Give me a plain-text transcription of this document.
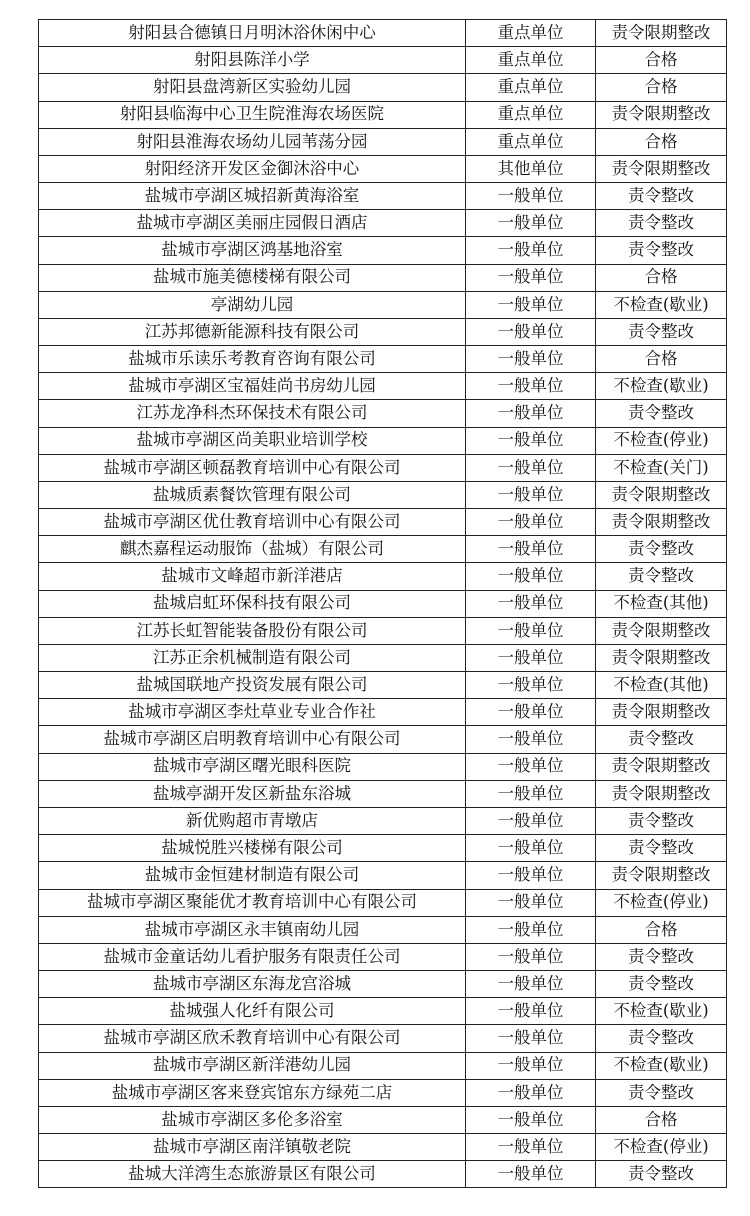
射阳县合德镇日月明沐浴休闲中心	重点单位	责令限期整改
射阳县陈洋小学	重点单位	合格
射阳县盘湾新区实验幼儿园	重点单位	合格
射阳县临海中心卫生院淮海农场医院	重点单位	责令限期整改
射阳县淮海农场幼儿园苇荡分园	重点单位	合格
射阳经济开发区金御沐浴中心	其他单位	责令限期整改
盐城市亭湖区城招新黄海浴室	一般单位	责令整改
盐城市亭湖区美丽庄园假日酒店	一般单位	责令整改
盐城市亭湖区鸿基地浴室	一般单位	责令整改
盐城市施美德楼梯有限公司	一般单位	合格
亭湖幼儿园	一般单位	不检查(歇业)
江苏邦德新能源科技有限公司	一般单位	责令整改
盐城市乐读乐考教育咨询有限公司	一般单位	合格
盐城市亭湖区宝福娃尚书房幼儿园	一般单位	不检查(歇业)
江苏龙净科杰环保技术有限公司	一般单位	责令整改
盐城市亭湖区尚美职业培训学校	一般单位	不检查(停业)
盐城市亭湖区顿磊教育培训中心有限公司	一般单位	不检查(关门)
盐城质素餐饮管理有限公司	一般单位	责令限期整改
盐城市亭湖区优仕教育培训中心有限公司	一般单位	责令限期整改
麒杰嘉程运动服饰（盐城）有限公司	一般单位	责令整改
盐城市文峰超市新洋港店	一般单位	责令整改
盐城启虹环保科技有限公司	一般单位	不检查(其他)
江苏长虹智能装备股份有限公司	一般单位	责令限期整改
江苏正余机械制造有限公司	一般单位	责令限期整改
盐城国联地产投资发展有限公司	一般单位	不检查(其他)
盐城市亭湖区李灶草业专业合作社	一般单位	责令限期整改
盐城市亭湖区启明教育培训中心有限公司	一般单位	责令整改
盐城市亭湖区曙光眼科医院	一般单位	责令限期整改
盐城亭湖开发区新盐东浴城	一般单位	责令限期整改
新优购超市青墩店	一般单位	责令整改
盐城悦胜兴楼梯有限公司	一般单位	责令整改
盐城市金恒建材制造有限公司	一般单位	责令限期整改
盐城市亭湖区聚能优才教育培训中心有限公司	一般单位	不检查(停业)
盐城市亭湖区永丰镇南幼儿园	一般单位	合格
盐城市金童话幼儿看护服务有限责任公司	一般单位	责令整改
盐城市亭湖区东海龙宫浴城	一般单位	责令整改
盐城强人化纤有限公司	一般单位	不检查(歇业)
盐城市亭湖区欣禾教育培训中心有限公司	一般单位	责令整改
盐城市亭湖区新洋港幼儿园	一般单位	不检查(歇业)
盐城市亭湖区客来登宾馆东方绿苑二店	一般单位	责令整改
盐城市亭湖区多伦多浴室	一般单位	合格
盐城市亭湖区南洋镇敬老院	一般单位	不检查(停业)
盐城大洋湾生态旅游景区有限公司	一般单位	责令整改
